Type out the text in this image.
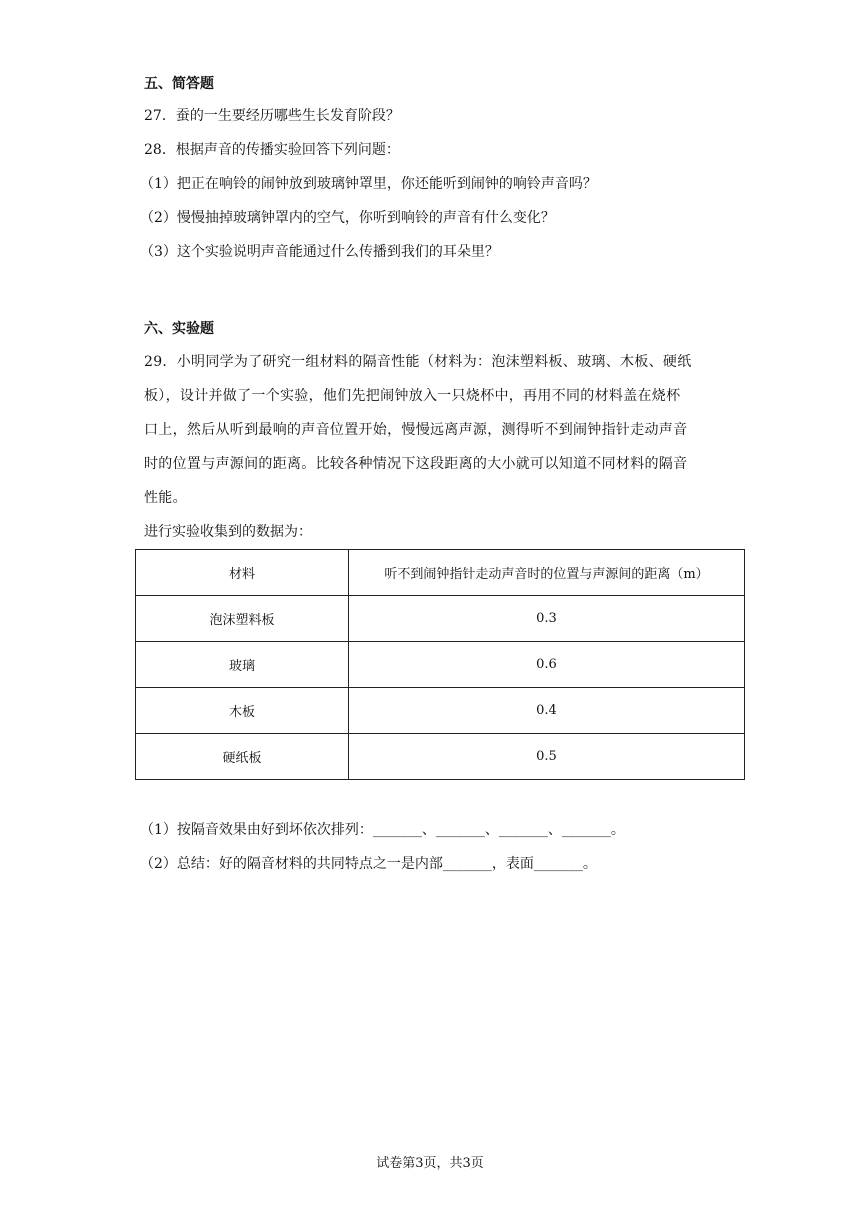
五、简答题
27．蚕的一生要经历哪些生长发育阶段？
28．根据声音的传播实验回答下列问题：
（1）把正在响铃的闹钟放到玻璃钟罩里，你还能听到闹钟的响铃声音吗？
（2）慢慢抽掉玻璃钟罩内的空气，你听到响铃的声音有什么变化？
（3）这个实验说明声音能通过什么传播到我们的耳朵里？
六、实验题
29．小明同学为了研究一组材料的隔音性能（材料为：泡沫塑料板、玻璃、木板、硬纸
板），设计并做了一个实验，他们先把闹钟放入一只烧杯中，再用不同的材料盖在烧杯
口上，然后从听到最响的声音位置开始，慢慢远离声源，测得听不到闹钟指针走动声音
时的位置与声源间的距离。比较各种情况下这段距离的大小就可以知道不同材料的隔音
性能。
进行实验收集到的数据为：
材料	听不到闹钟指针走动声音时的位置与声源间的距离（m）
泡沫塑料板	0.3
玻璃	0.6
木板	0.4
硬纸板	0.5
（1）按隔音效果由好到坏依次排列：_______、_______、_______、_______。
（2）总结：好的隔音材料的共同特点之一是内部_______，表面_______。
试卷第3页，共3页
